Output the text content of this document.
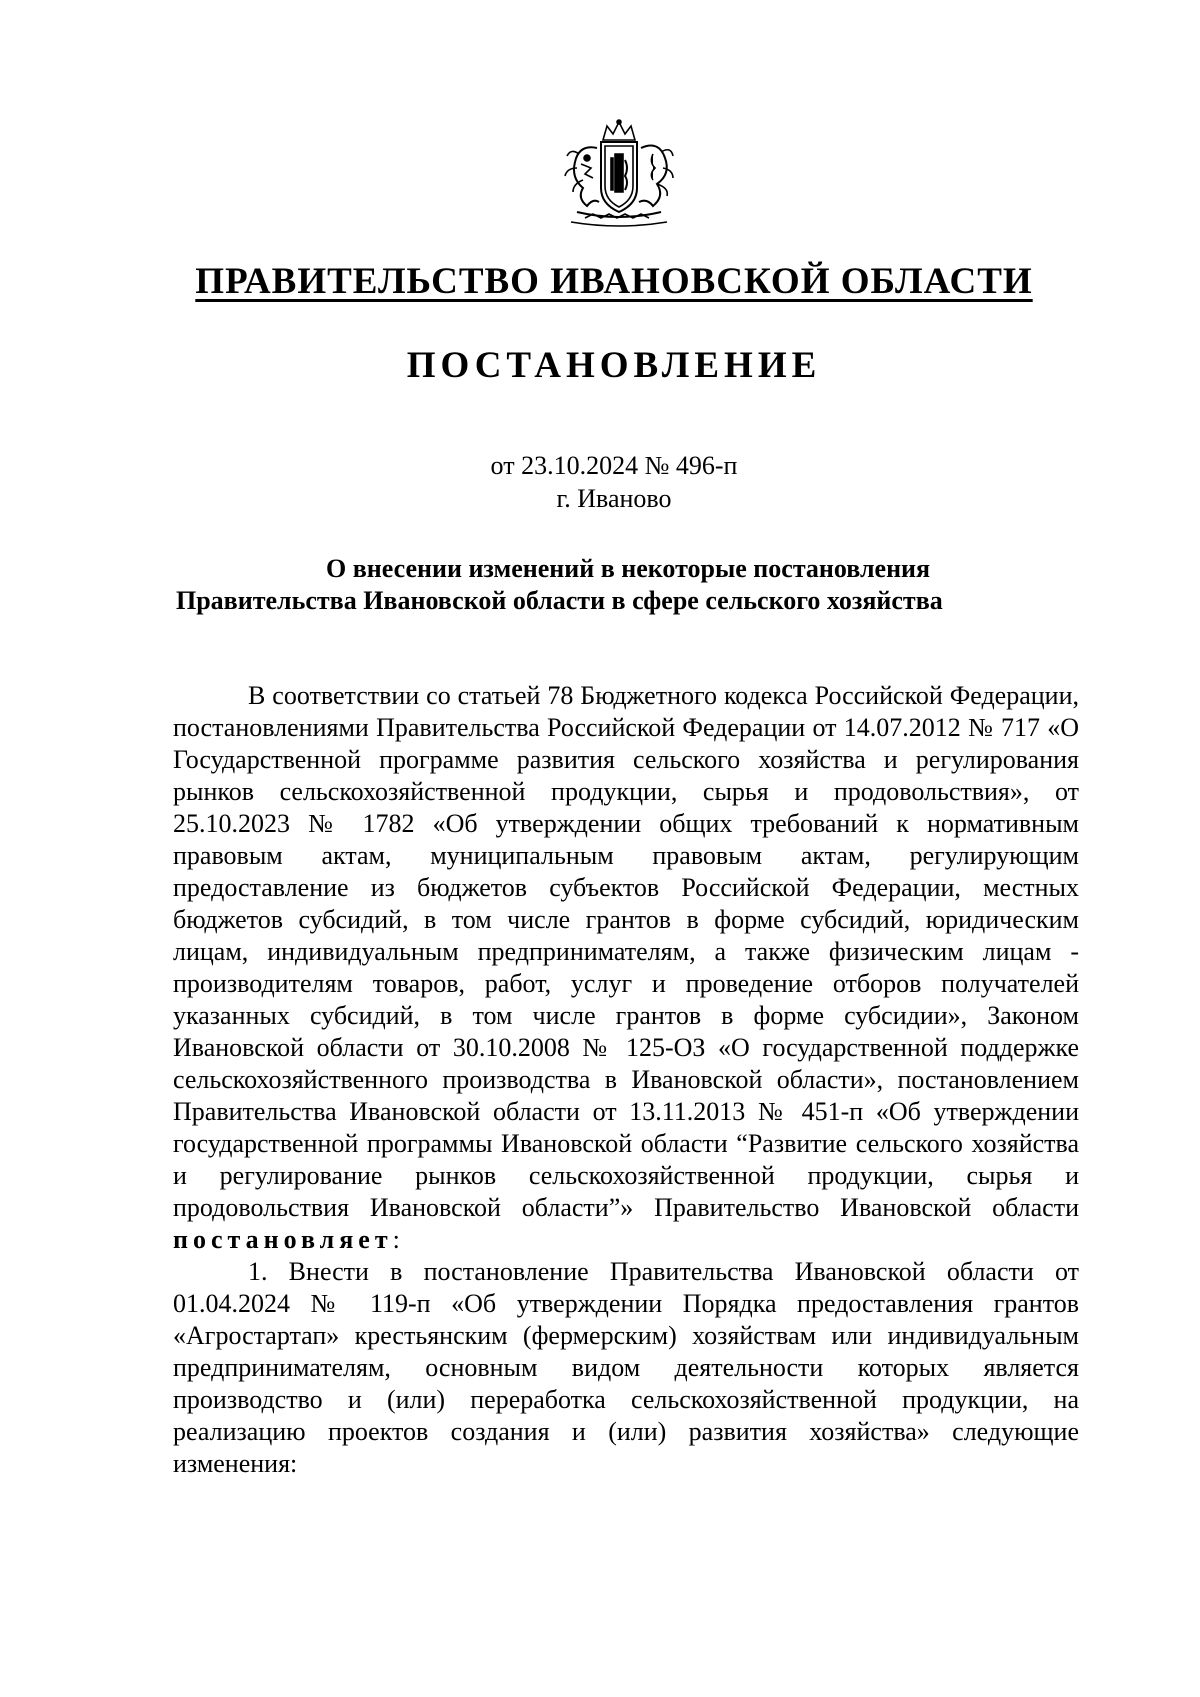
ПРАВИТЕЛЬСТВО ИВАНОВСКОЙ ОБЛАСТИ
ПОСТАНОВЛЕНИЕ
от 23.10.2024 № 496-п
г. Иваново
О внесении изменений в некоторые постановления
Правительства Ивановской области в сфере сельского хозяйства

В соответствии со статьей 78 Бюджетного кодекса Российской Федерации, постановлениями Правительства Российской Федерации от 14.07.2012 № 717 «О Государственной программе развития сельского хозяйства и регулирования рынков сельскохозяйственной продукции, сырья и продовольствия», от 25.10.2023 № 1782 «Об утверждении общих требований к нормативным правовым актам, муниципальным правовым актам, регулирующим предоставление из бюджетов субъектов Российской Федерации, местных бюджетов субсидий, в том числе грантов в форме субсидий, юридическим лицам, индивидуальным предпринимателям, а также физическим лицам - производителям товаров, работ, услуг и проведение отборов получателей указанных субсидий, в том числе грантов в форме субсидии», Законом Ивановской области от 30.10.2008 № 125-ОЗ «О государственной поддержке сельскохозяйственного производства в Ивановской области», постановлением Правительства Ивановской области от 13.11.2013 № 451-п «Об утверждении государственной программы Ивановской области “Развитие сельского хозяйства и регулирование рынков сельскохозяйственной продукции, сырья и продовольствия Ивановской области”» Правительство Ивановской области постановляет:

1. Внести в постановление Правительства Ивановской области от 01.04.2024 № 119-п «Об утверждении Порядка предоставления грантов «Агростартап» крестьянским (фермерским) хозяйствам или индивидуальным предпринимателям, основным видом деятельности которых является производство и (или) переработка сельскохозяйственной продукции, на реализацию проектов создания и (или) развития хозяйства» следующие изменения:
